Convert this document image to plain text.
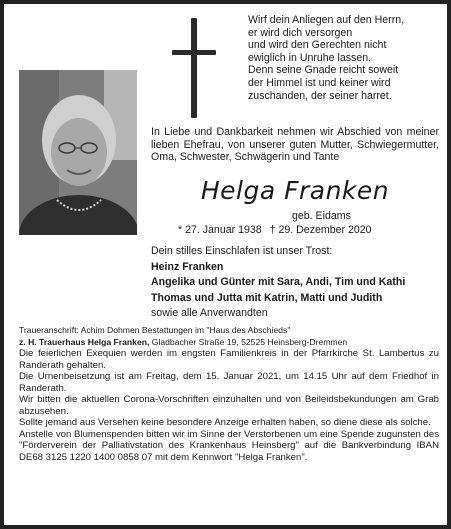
Wirf dein Anliegen auf den Herrn,
er wird dich versorgen
und wird den Gerechten nicht
ewiglich in Unruhe lassen.
Denn seine Gnade reicht soweit
der Himmel ist und keiner wird
zuschanden, der seiner harret.
In Liebe und Dankbarkeit nehmen wir Abschied von meiner lieben Ehefrau, von unserer guten Mutter, Schwiegermutter, Oma, Schwester, Schwägerin und Tante
Helga Franken
geb. Eidams
* 27. Januar 1938 † 29. Dezember 2020
Dein stilles Einschlafen ist unser Trost:
Heinz Franken
Angelika und Günter mit Sara, Andi, Tim und Kathi
Thomas und Jutta mit Katrin, Matti und Judith
sowie alle Anverwandten
Traueranschrift: Achim Dohmen Bestattungen im "Haus des Abschieds"
z. H. Trauerhaus Helga Franken, Gladbacher Straße 19, 52525 Heinsberg-Dremmen

Die feierlichen Exequien werden im engsten Familienkreis in der Pfarrkirche St. Lambertus zu Randerath gehalten.

Die Urnenbeisetzung ist am Freitag, dem 15. Januar 2021, um 14.15 Uhr auf dem Friedhof in Randerath.

Wir bitten die aktuellen Corona-Vorschriften einzuhalten und von Beileidsbekundungen am Grab abzusehen.

Sollte jemand aus Versehen keine besondere Anzeige erhalten haben, so diene diese als solche.

Anstelle von Blumenspenden bitten wir im Sinne der Verstorbenen um eine Spende zugunsten des "Förderverein der Palliativstation des Krankenhaus Heinsberg" auf die Bankverbindung IBAN DE68 3125 1220 1400 0858 07 mit dem Kennwort "Helga Franken".
